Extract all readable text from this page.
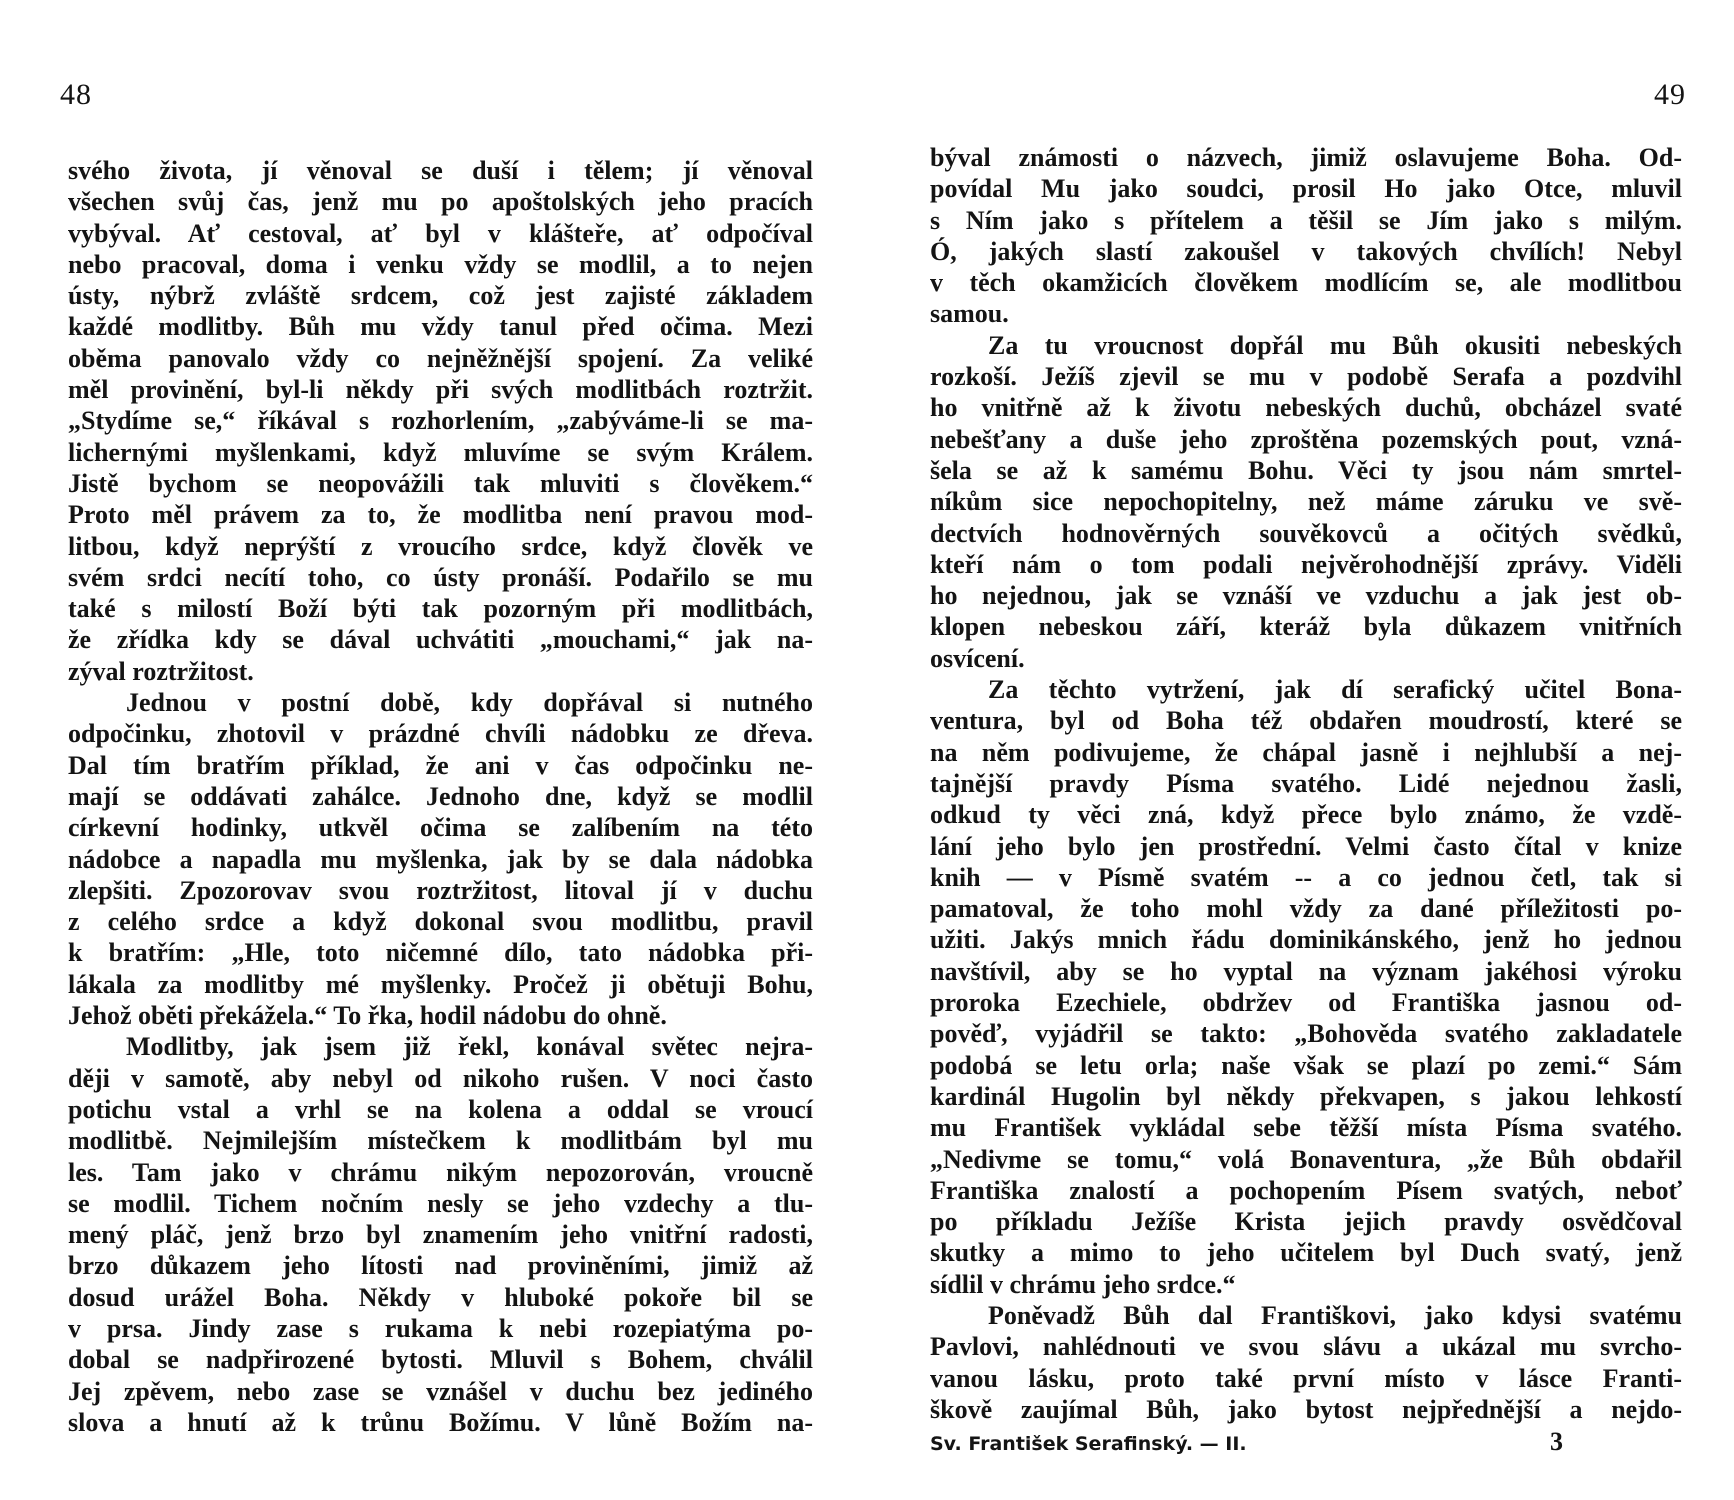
48
svého života, jí věnoval se duší i tělem; jí věnoval
všechen svůj čas, jenž mu po apoštolských jeho pracích
vybýval. Ať cestoval, ať byl v klášteře, ať odpočíval
nebo pracoval, doma i venku vždy se modlil, a to nejen
ústy, nýbrž zvláště srdcem, což jest zajisté základem
každé modlitby. Bůh mu vždy tanul před očima. Mezi
oběma panovalo vždy co nejněžnější spojení. Za veliké
měl provinění, byl-li někdy při svých modlitbách roztržit.
„Stydíme se,“ říkával s rozhorlením, „zabýváme-li se ma-
lichernými myšlenkami, když mluvíme se svým Králem.
Jistě bychom se neopovážili tak mluviti s člověkem.“
Proto měl právem za to, že modlitba není pravou mod-
litbou, když neprýští z vroucího srdce, když člověk ve
svém srdci necítí toho, co ústy pronáší. Podařilo se mu
také s milostí Boží býti tak pozorným při modlitbách,
že zřídka kdy se dával uchvátiti „mouchami,“ jak na-
zýval roztržitost.
Jednou v postní době, kdy dopřával si nutného
odpočinku, zhotovil v prázdné chvíli nádobku ze dřeva.
Dal tím bratřím příklad, že ani v čas odpočinku ne-
mají se oddávati zahálce. Jednoho dne, když se modlil
církevní hodinky, utkvěl očima se zalíbením na této
nádobce a napadla mu myšlenka, jak by se dala nádobka
zlepšiti. Zpozorovav svou roztržitost, litoval jí v duchu
z celého srdce a když dokonal svou modlitbu, pravil
k bratřím: „Hle, toto ničemné dílo, tato nádobka při-
lákala za modlitby mé myšlenky. Pročež ji obětuji Bohu,
Jehož oběti překážela.“ To řka, hodil nádobu do ohně.
Modlitby, jak jsem již řekl, konával světec nejra-
ději v samotě, aby nebyl od nikoho rušen. V noci často
potichu vstal a vrhl se na kolena a oddal se vroucí
modlitbě. Nejmilejším místečkem k modlitbám byl mu
les. Tam jako v chrámu nikým nepozorován, vroucně
se modlil. Tichem nočním nesly se jeho vzdechy a tlu-
mený pláč, jenž brzo byl znamením jeho vnitřní radosti,
brzo důkazem jeho lítosti nad proviněními, jimiž až
dosud urážel Boha. Někdy v hluboké pokoře bil se
v prsa. Jindy zase s rukama k nebi rozepiatýma po-
dobal se nadpřirozené bytosti. Mluvil s Bohem, chválil
Jej zpěvem, nebo zase se vznášel v duchu bez jediného
slova a hnutí až k trůnu Božímu. V lůně Božím na-
49
býval známosti o názvech, jimiž oslavujeme Boha. Od-
povídal Mu jako soudci, prosil Ho jako Otce, mluvil
s Ním jako s přítelem a těšil se Jím jako s milým.
Ó, jakých slastí zakoušel v takových chvílích! Nebyl
v těch okamžicích člověkem modlícím se, ale modlitbou
samou.
Za tu vroucnost dopřál mu Bůh okusiti nebeských
rozkoší. Ježíš zjevil se mu v podobě Serafa a pozdvihl
ho vnitřně až k životu nebeských duchů, obcházel svaté
nebešťany a duše jeho zproštěna pozemských pout, vzná-
šela se až k samému Bohu. Věci ty jsou nám smrtel-
níkům sice nepochopitelny, než máme záruku ve svě-
dectvích hodnověrných souvěkovců a očitých svědků,
kteří nám o tom podali nejvěrohodnější zprávy. Viděli
ho nejednou, jak se vznáší ve vzduchu a jak jest ob-
klopen nebeskou září, kteráž byla důkazem vnitřních
osvícení.
Za těchto vytržení, jak dí serafický učitel Bona-
ventura, byl od Boha též obdařen moudrostí, které se
na něm podivujeme, že chápal jasně i nejhlubší a nej-
tajnější pravdy Písma svatého. Lidé nejednou žasli,
odkud ty věci zná, když přece bylo známo, že vzdě-
lání jeho bylo jen prostřední. Velmi často čítal v knize
knih — v Písmě svatém -- a co jednou četl, tak si
pamatoval, že toho mohl vždy za dané příležitosti po-
užiti. Jakýs mnich řádu dominikánského, jenž ho jednou
navštívil, aby se ho vyptal na význam jakéhosi výroku
proroka Ezechiele, obdržev od Františka jasnou od-
pověď, vyjádřil se takto: „Bohověda svatého zakladatele
podobá se letu orla; naše však se plazí po zemi.“ Sám
kardinál Hugolin byl někdy překvapen, s jakou lehkostí
mu František vykládal sebe těžší místa Písma svatého.
„Nedivme se tomu,“ volá Bonaventura, „že Bůh obdařil
Františka znalostí a pochopením Písem svatých, neboť
po příkladu Ježíše Krista jejich pravdy osvědčoval
skutky a mimo to jeho učitelem byl Duch svatý, jenž
sídlil v chrámu jeho srdce.“
Poněvadž Bůh dal Františkovi, jako kdysi svatému
Pavlovi, nahlédnouti ve svou slávu a ukázal mu svrcho-
vanou lásku, proto také první místo v lásce Franti-
škově zaujímal Bůh, jako bytost nejpřednější a nejdo-
Sv. František Serafinský. — II.	3
